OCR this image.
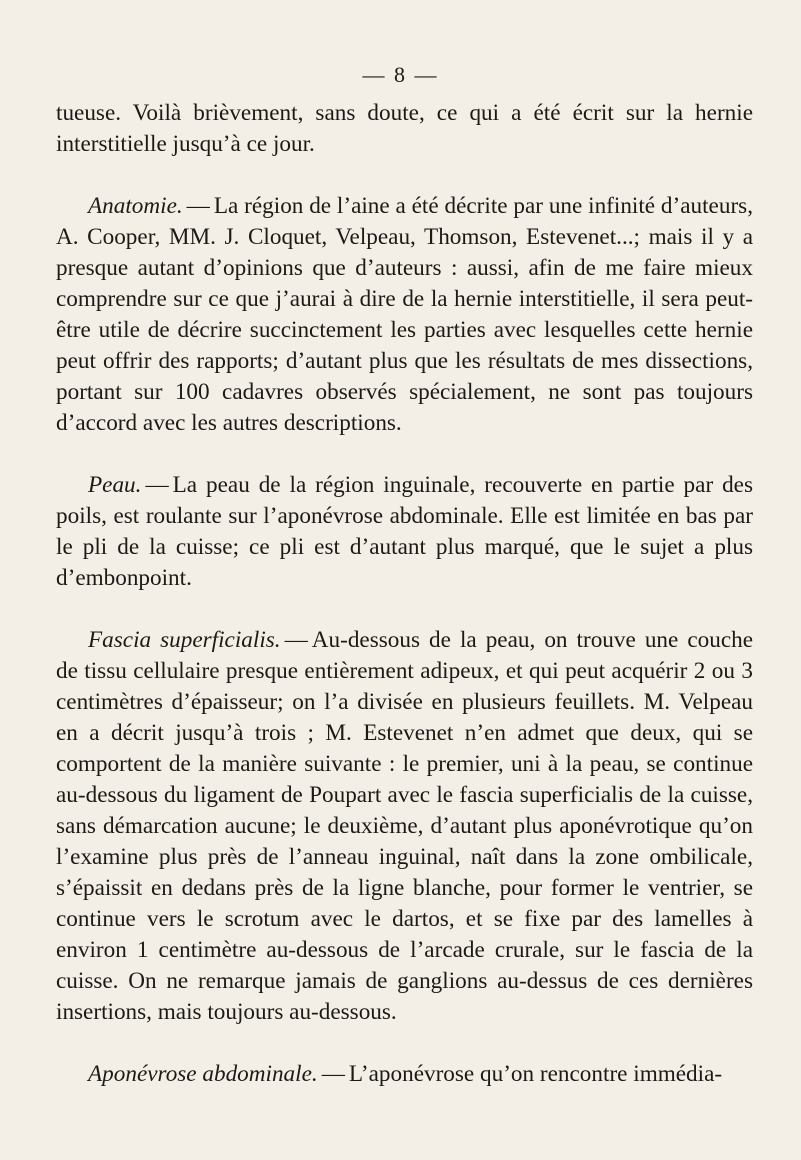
— 8 —

tueuse. Voilà brièvement, sans doute, ce qui a été écrit sur la hernie interstitielle jusqu’à ce jour.

Anatomie. — La région de l’aine a été décrite par une infinité d’auteurs, A. Cooper, MM. J. Cloquet, Velpeau, Thomson, Estevenet...; mais il y a presque autant d’opinions que d’auteurs : aussi, afin de me faire mieux comprendre sur ce que j’aurai à dire de la hernie interstitielle, il sera peut-être utile de décrire succinctement les parties avec lesquelles cette hernie peut offrir des rapports; d’autant plus que les résultats de mes dissections, portant sur 100 cadavres observés spécialement, ne sont pas toujours d’accord avec les autres descriptions.

Peau. — La peau de la région inguinale, recouverte en partie par des poils, est roulante sur l’aponévrose abdominale. Elle est limitée en bas par le pli de la cuisse; ce pli est d’autant plus marqué, que le sujet a plus d’embonpoint.

Fascia superficialis. — Au-dessous de la peau, on trouve une couche de tissu cellulaire presque entièrement adipeux, et qui peut acquérir 2 ou 3 centimètres d’épaisseur; on l’a divisée en plusieurs feuillets. M. Velpeau en a décrit jusqu’à trois ; M. Estevenet n’en admet que deux, qui se comportent de la manière suivante : le premier, uni à la peau, se continue au-dessous du ligament de Poupart avec le fascia superficialis de la cuisse, sans démarcation aucune; le deuxième, d’autant plus aponévrotique qu’on l’examine plus près de l’anneau inguinal, naît dans la zone ombilicale, s’épaissit en dedans près de la ligne blanche, pour former le ventrier, se continue vers le scrotum avec le dartos, et se fixe par des lamelles à environ 1 centimètre au-dessous de l’arcade crurale, sur le fascia de la cuisse. On ne remarque jamais de ganglions au-dessus de ces dernières insertions, mais toujours au-dessous.

Aponévrose abdominale. — L’aponévrose qu’on rencontre immédia-
